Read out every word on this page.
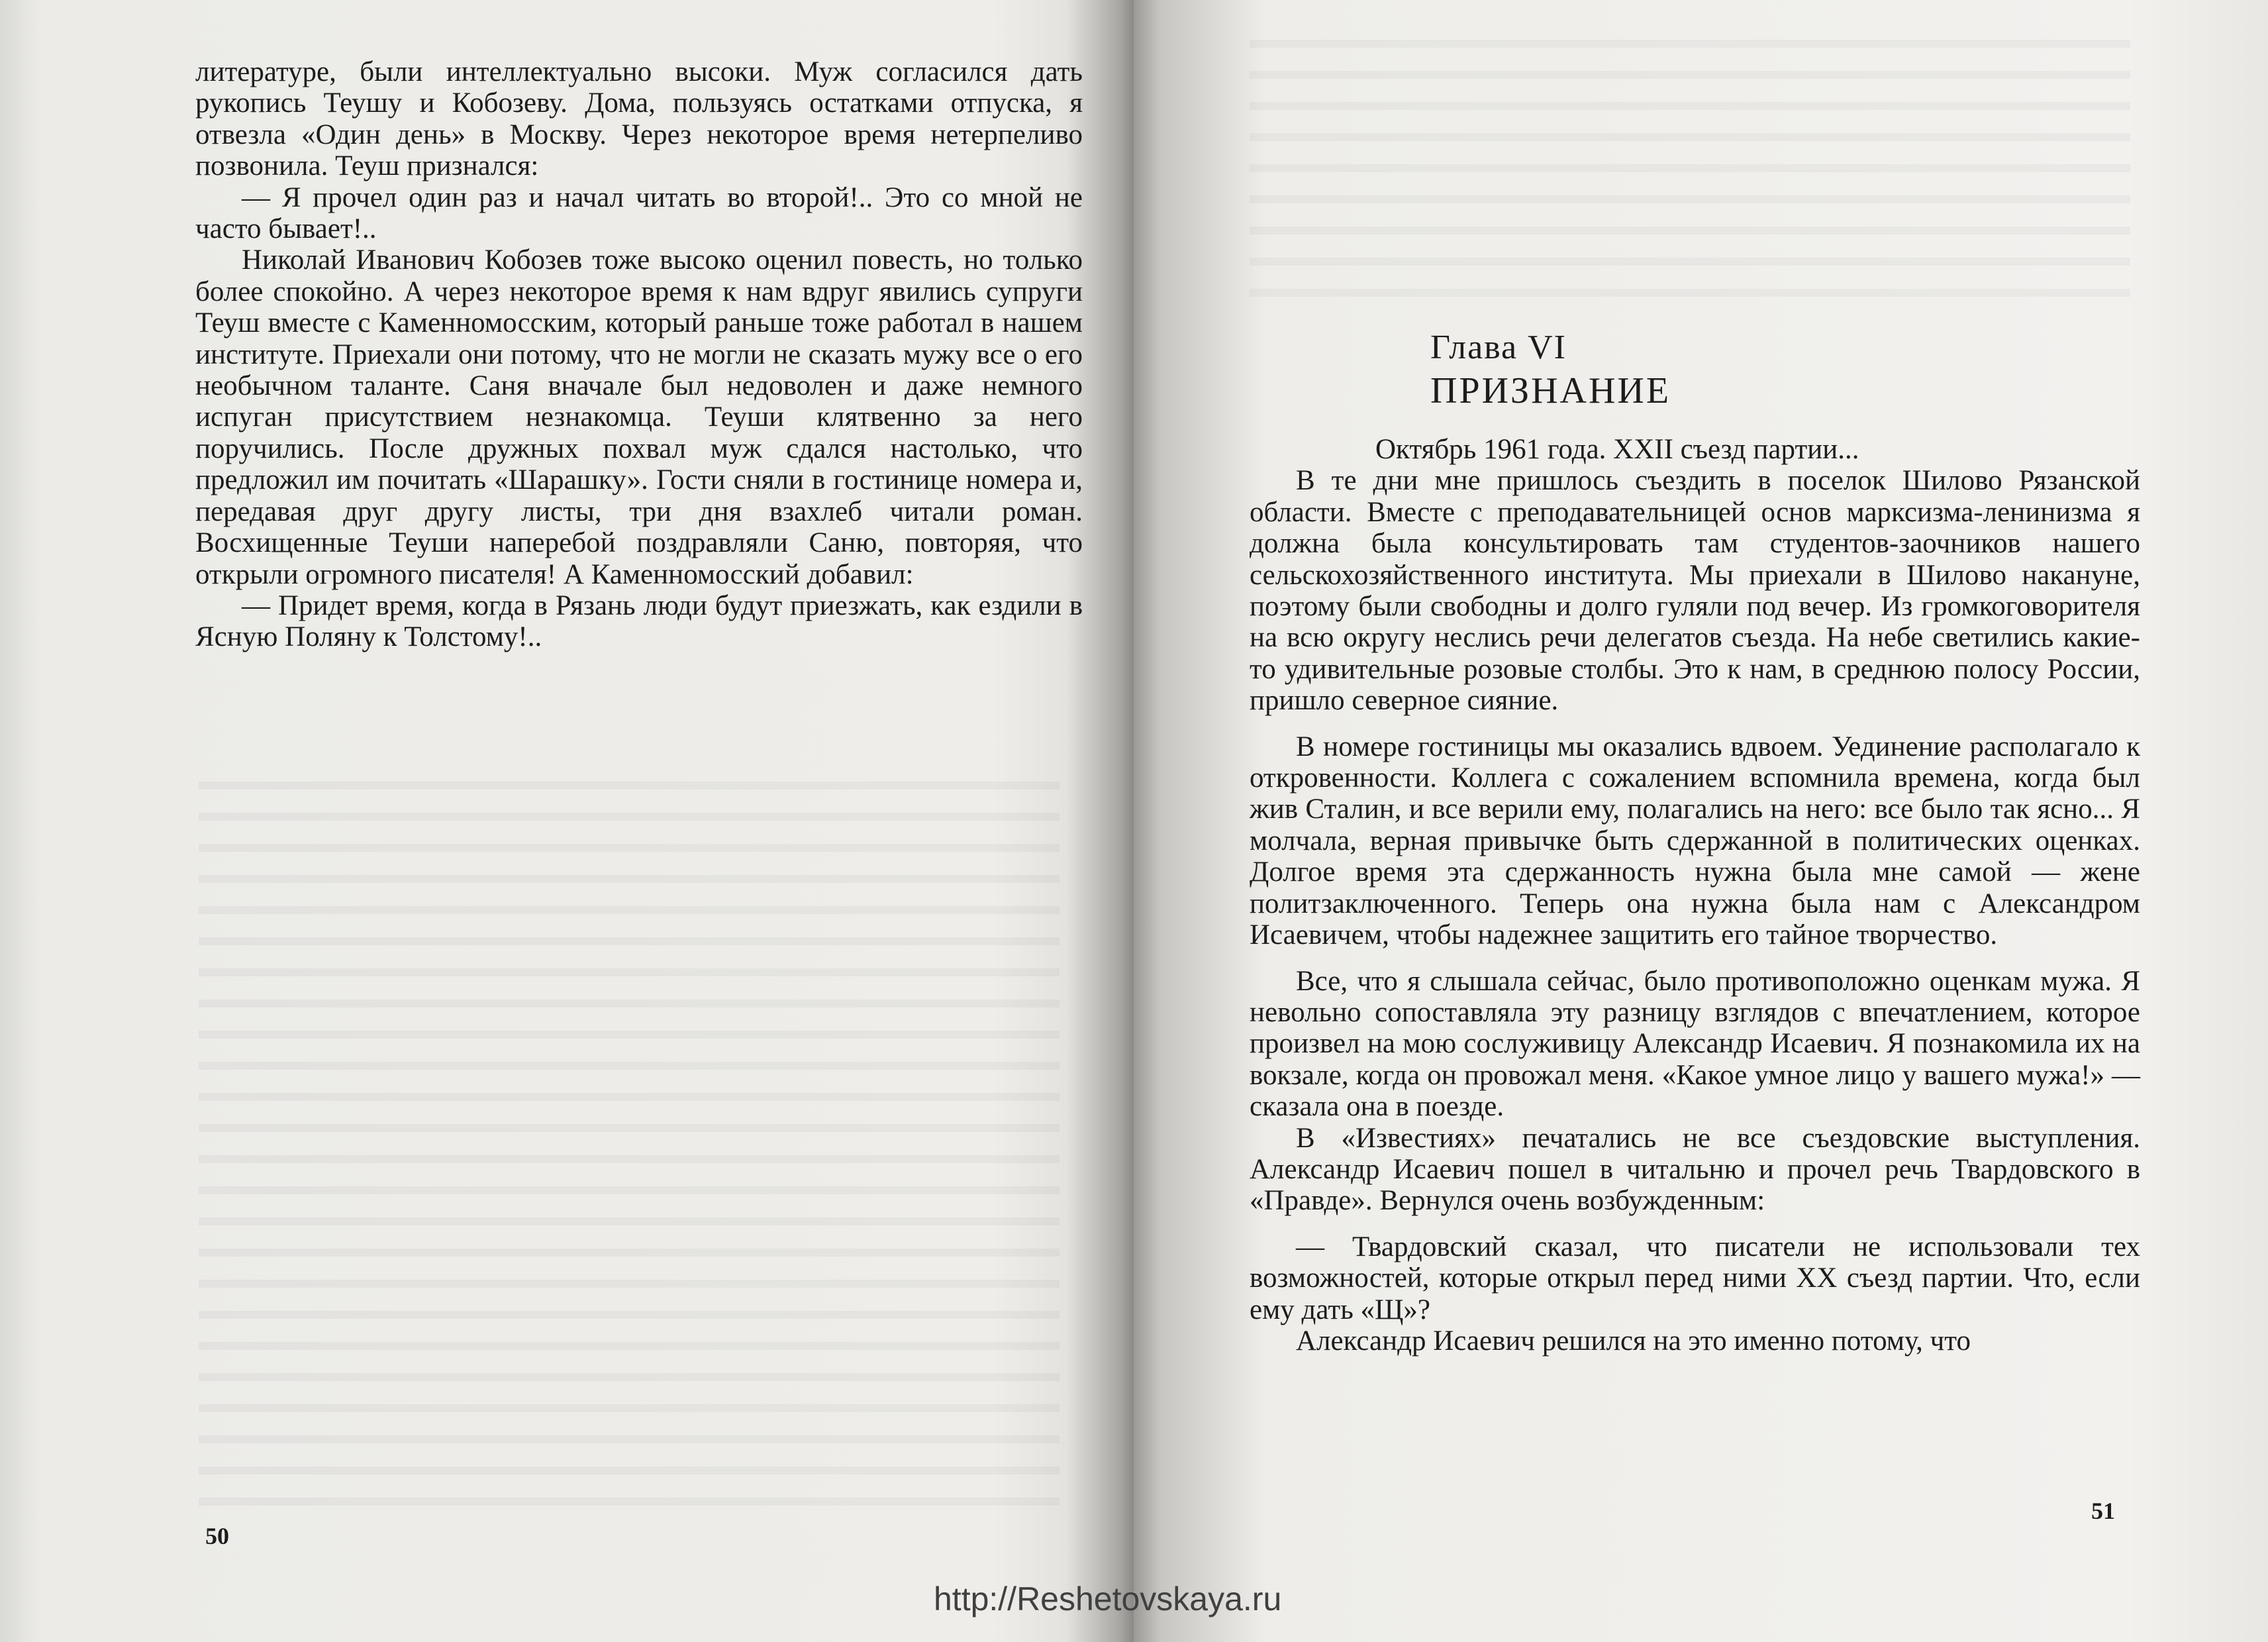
литературе, были интеллектуально высоки. Муж согласился дать рукопись Теушу и Кобозеву. Дома, пользуясь остатками отпуска, я отвезла «Один день» в Москву. Через некоторое время нетерпеливо позвонила. Теуш признался:

— Я прочел один раз и начал читать во второй!.. Это со мной не часто бывает!..

Николай Иванович Кобозев тоже высоко оценил повесть, но только более спокойно. А через некоторое время к нам вдруг явились супруги Теуш вместе с Каменномосским, который раньше тоже работал в нашем институте. Приехали они потому, что не могли не сказать мужу все о его необычном таланте. Саня вначале был недоволен и даже немного испуган присутствием незнакомца. Теуши клятвенно за него поручились. После дружных похвал муж сдался настолько, что предложил им почитать «Шарашку». Гости сняли в гостинице номера и, передавая друг другу листы, три дня взахлеб читали роман. Восхищенные Теуши наперебой поздравляли Саню, повторяя, что открыли огромного писателя! А Каменномосский добавил:

— Придет время, когда в Рязань люди будут приезжать, как ездили в Ясную Поляну к Толстому!..

50
Глава VI
ПРИЗНАНИЕ

Октябрь 1961 года. XXII съезд партии...

В те дни мне пришлось съездить в поселок Шилово Рязанской области. Вместе с преподавательницей основ марксизма-ленинизма я должна была консультировать там студентов-заочников нашего сельскохозяйственного института. Мы приехали в Шилово накануне, поэтому были свободны и долго гуляли под вечер. Из громкоговорителя на всю округу неслись речи делегатов съезда. На небе светились какие-то удивительные розовые столбы. Это к нам, в среднюю полосу России, пришло северное сияние.

В номере гостиницы мы оказались вдвоем. Уединение располагало к откровенности. Коллега с сожалением вспомнила времена, когда был жив Сталин, и все верили ему, полагались на него: все было так ясно... Я молчала, верная привычке быть сдержанной в политических оценках. Долгое время эта сдержанность нужна была мне самой — жене политзаключенного. Теперь она нужна была нам с Александром Исаевичем, чтобы надежнее защитить его тайное творчество.

Все, что я слышала сейчас, было противоположно оценкам мужа. Я невольно сопоставляла эту разницу взглядов с впечатлением, которое произвел на мою сослуживицу Александр Исаевич. Я познакомила их на вокзале, когда он провожал меня. «Какое умное лицо у вашего мужа!» — сказала она в поезде.

В «Известиях» печатались не все съездовские выступления. Александр Исаевич пошел в читальню и прочел речь Твардовского в «Правде». Вернулся очень возбужденным:

— Твардовский сказал, что писатели не использовали тех возможностей, которые открыл перед ними XX съезд партии. Что, если ему дать «Щ»?

Александр Исаевич решился на это именно потому, что

51
http://Reshetovskaya.ru
